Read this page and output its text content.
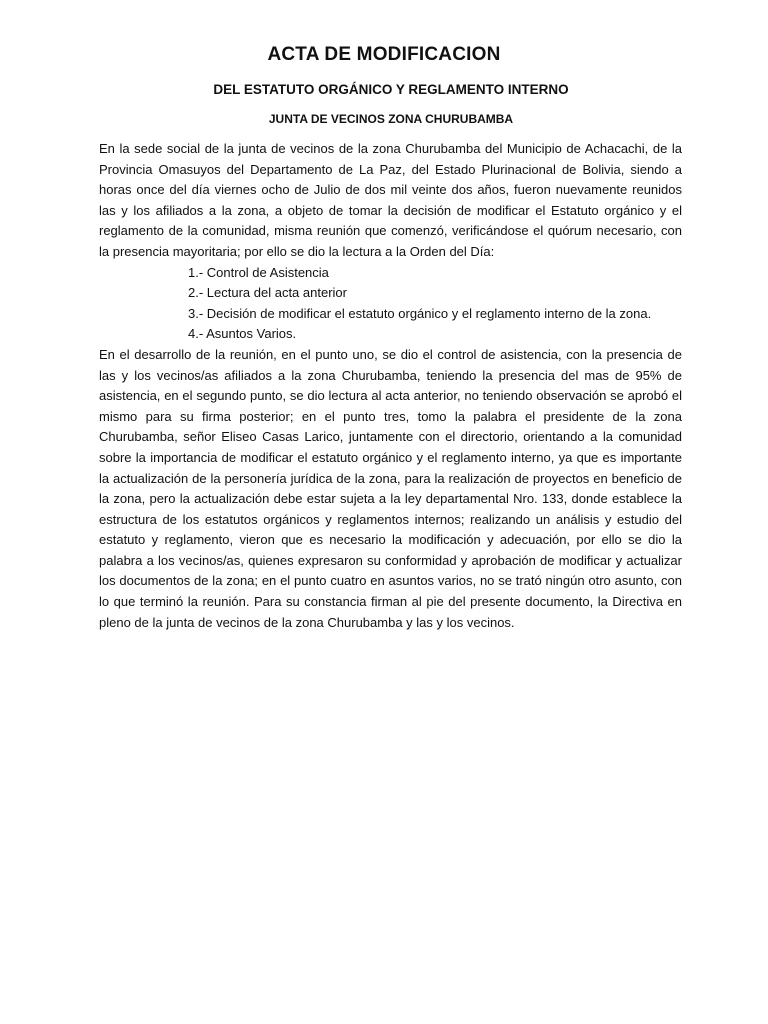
ACTA DE MODIFICACION
DEL ESTATUTO ORGÁNICO Y REGLAMENTO INTERNO
JUNTA DE VECINOS ZONA CHURUBAMBA

En la sede social de la junta de vecinos de la zona Churubamba del Municipio de Achacachi, de la Provincia Omasuyos del Departamento de La Paz, del Estado Plurinacional de Bolivia, siendo a horas once del día viernes ocho de Julio de dos mil veinte dos años, fueron nuevamente reunidos las y los afiliados a la zona, a objeto de tomar la decisión de modificar el Estatuto orgánico y el reglamento de la comunidad, misma reunión que comenzó, verificándose el quórum necesario, con la presencia mayoritaria; por ello se dio la lectura a la Orden del Día:

1.- Control de Asistencia
2.- Lectura del acta anterior
3.- Decisión de modificar el estatuto orgánico y el reglamento interno de la zona.
4.- Asuntos Varios.

En el desarrollo de la reunión, en el punto uno, se dio el control de asistencia, con la presencia de las y los vecinos/as afiliados a la zona Churubamba, teniendo la presencia del mas de 95% de asistencia, en el segundo punto, se dio lectura al acta anterior, no teniendo observación se aprobó el mismo para su firma posterior; en el punto tres, tomo la palabra el presidente de la zona Churubamba, señor Eliseo Casas Larico, juntamente con el directorio, orientando a la comunidad sobre la importancia de modificar el estatuto orgánico y el reglamento interno, ya que es importante la actualización de la personería jurídica de la zona, para la realización de proyectos en beneficio de la zona, pero la actualización debe estar sujeta a la ley departamental Nro. 133, donde establece la estructura de los estatutos orgánicos y reglamentos internos; realizando un análisis y estudio del estatuto y reglamento, vieron que es necesario la modificación y adecuación, por ello se dio la palabra a los vecinos/as, quienes expresaron su conformidad y aprobación de modificar y actualizar los documentos de la zona; en el punto cuatro en asuntos varios, no se trató ningún otro asunto, con lo que terminó la reunión. Para su constancia firman al pie del presente documento, la Directiva en pleno de la junta de vecinos de la zona Churubamba y las y los vecinos.
